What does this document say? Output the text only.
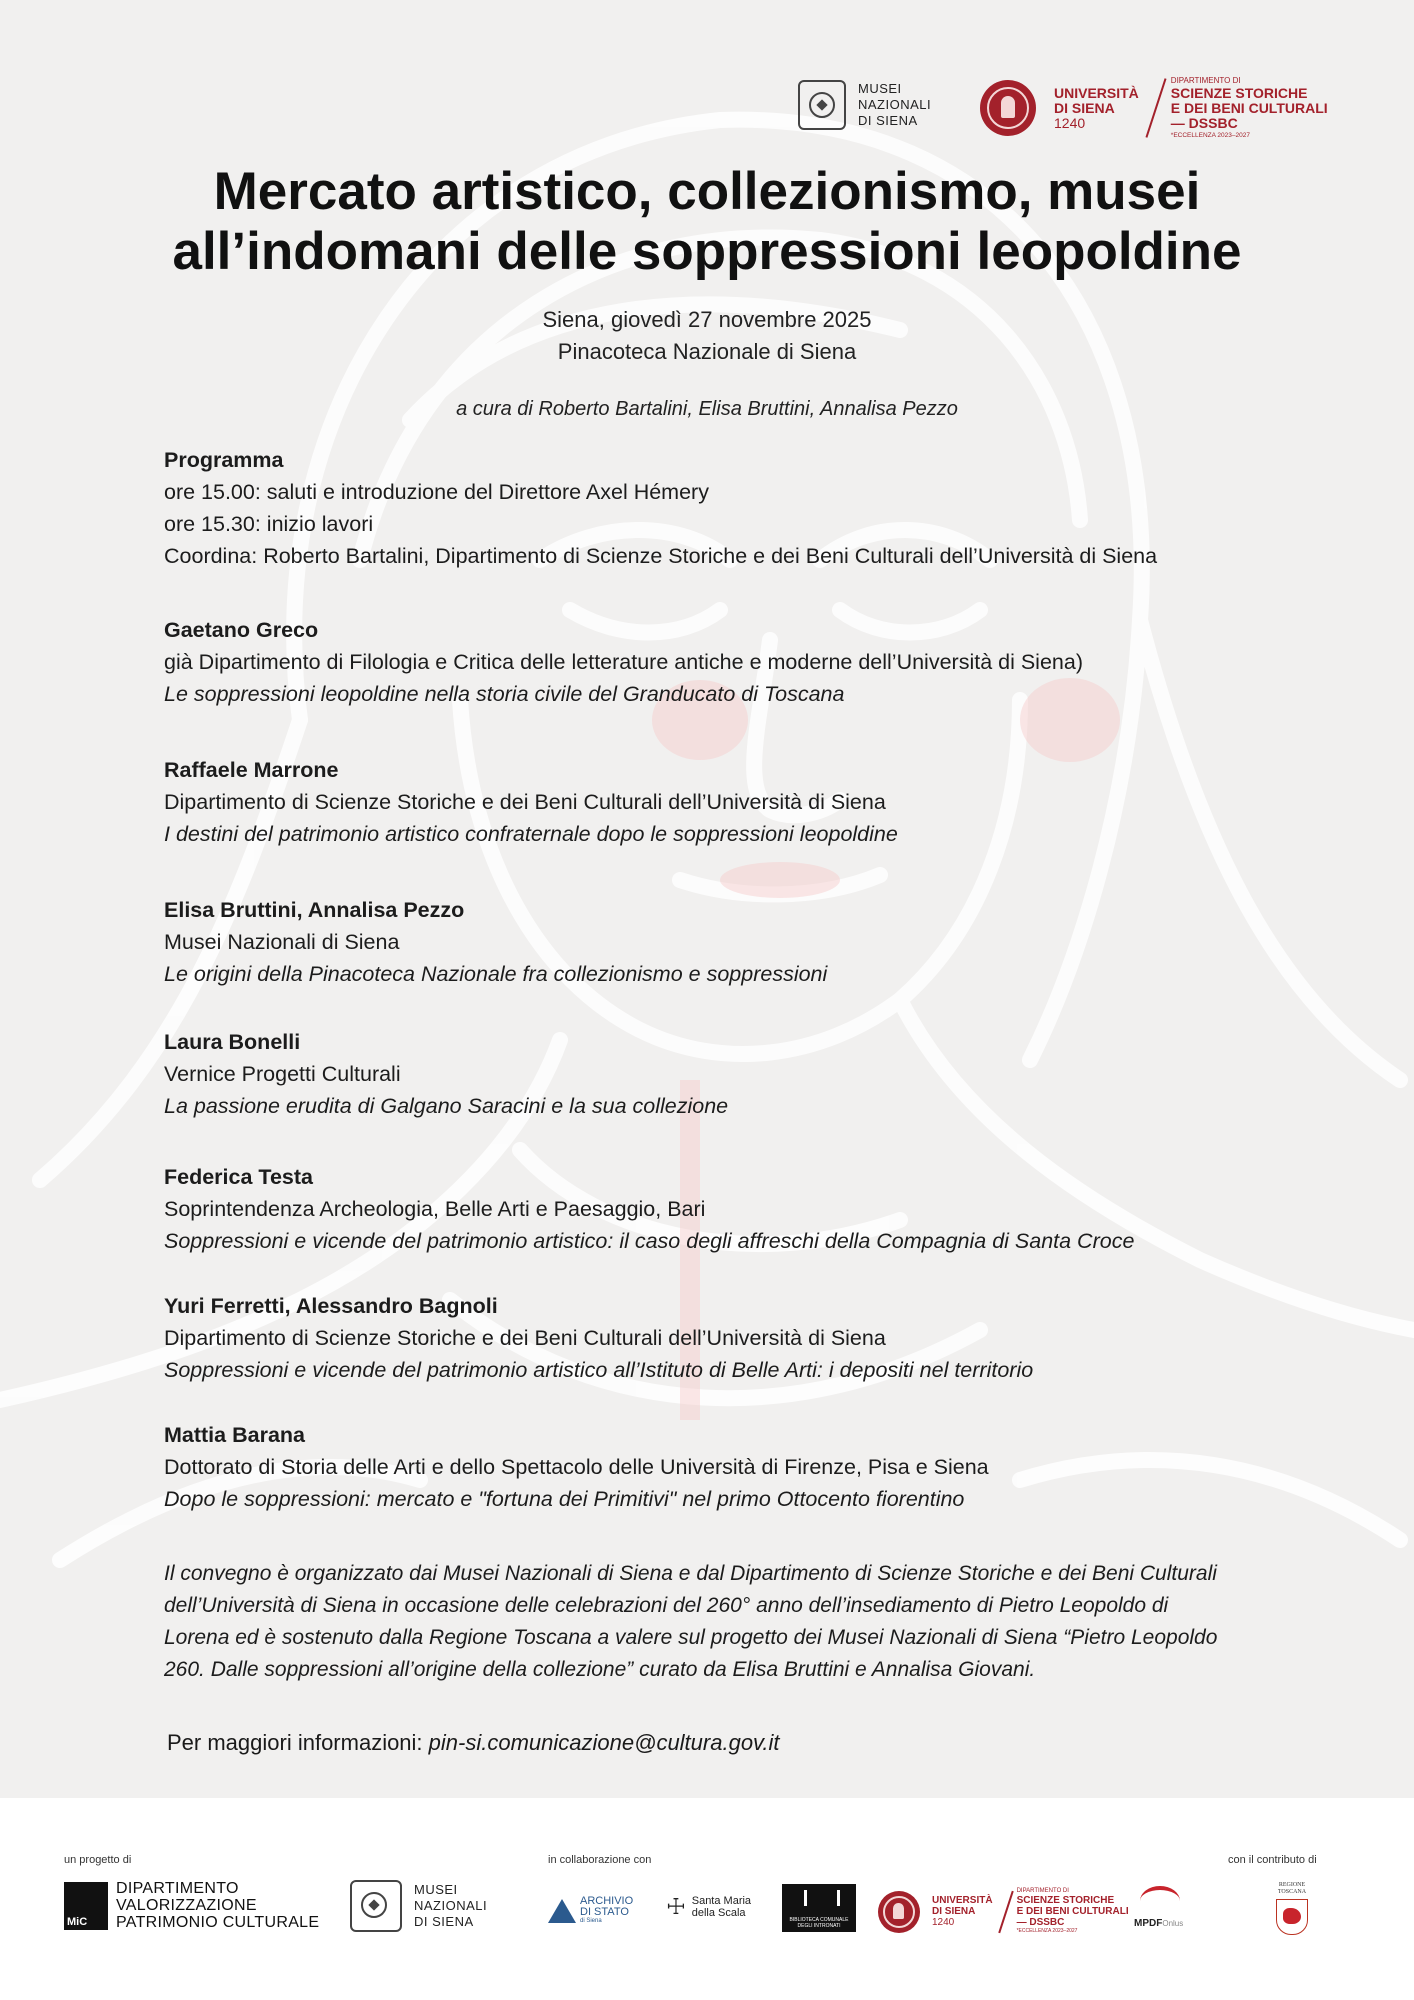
MUSEI
NAZIONALI
DI SIENA
UNIVERSITÀ
DI SIENA
1240
DIPARTIMENTO DI
SCIENZE STORICHE
E DEI BENI CULTURALI
— DSSBC
*ECCELLENZA 2023–2027
Mercato artistico, collezionismo, musei
all’indomani delle soppressioni leopoldine
Siena, giovedì 27 novembre 2025
Pinacoteca Nazionale di Siena
a cura di Roberto Bartalini, Elisa Bruttini, Annalisa Pezzo
Programma
ore 15.00: saluti e introduzione del Direttore Axel Hémery
ore 15.30: inizio lavori
Coordina: Roberto Bartalini, Dipartimento di Scienze Storiche e dei Beni Culturali dell’Università di Siena
Gaetano Greco
già Dipartimento di Filologia e Critica delle letterature antiche e moderne dell’Università di Siena)
Le soppressioni leopoldine nella storia civile del Granducato di Toscana
Raffaele Marrone
Dipartimento di Scienze Storiche e dei Beni Culturali dell’Università di Siena
I destini del patrimonio artistico confraternale dopo le soppressioni leopoldine
Elisa Bruttini, Annalisa Pezzo
Musei Nazionali di Siena
Le origini della Pinacoteca Nazionale fra collezionismo e soppressioni
Laura Bonelli
Vernice Progetti Culturali
La passione erudita di Galgano Saracini e la sua collezione
Federica Testa
Soprintendenza Archeologia, Belle Arti e Paesaggio, Bari
Soppressioni e vicende del patrimonio artistico: il caso degli affreschi della Compagnia di Santa Croce
Yuri Ferretti, Alessandro Bagnoli
Dipartimento di Scienze Storiche e dei Beni Culturali dell’Università di Siena
Soppressioni e vicende del patrimonio artistico all’Istituto di Belle Arti: i depositi nel territorio
Mattia Barana
Dottorato di Storia delle Arti e dello Spettacolo delle Università di Firenze, Pisa e Siena
Dopo le soppressioni: mercato e "fortuna dei Primitivi" nel primo Ottocento fiorentino
Il convegno è organizzato dai Musei Nazionali di Siena e dal Dipartimento di Scienze Storiche e dei Beni Culturali
dell’Università di Siena in occasione delle celebrazioni del 260° anno dell’insediamento di Pietro Leopoldo di
Lorena ed è sostenuto dalla Regione Toscana a valere sul progetto dei Musei Nazionali di Siena “Pietro Leopoldo
260. Dalle soppressioni all’origine della collezione” curato da Elisa Bruttini e Annalisa Giovani.
Per maggiori informazioni: pin-si.comunicazione@cultura.gov.it
un progetto di	in collaborazione con	con il contributo di
MiC
DIPARTIMENTO
VALORIZZAZIONE
PATRIMONIO CULTURALE
MUSEI
NAZIONALI
DI SIENA
ARCHIVIO
DI STATO
di Siena
☩ Santa Maria
della Scala
BIBLIOTECA COMUNALE DEGLI INTRONATI
UNIVERSITÀ
DI SIENA
1240
DIPARTIMENTO DI
SCIENZE STORICHE
E DEI BENI CULTURALI
— DSSBC
*ECCELLENZA 2023–2027
MPDFOnlus
REGIONE
TOSCANA
